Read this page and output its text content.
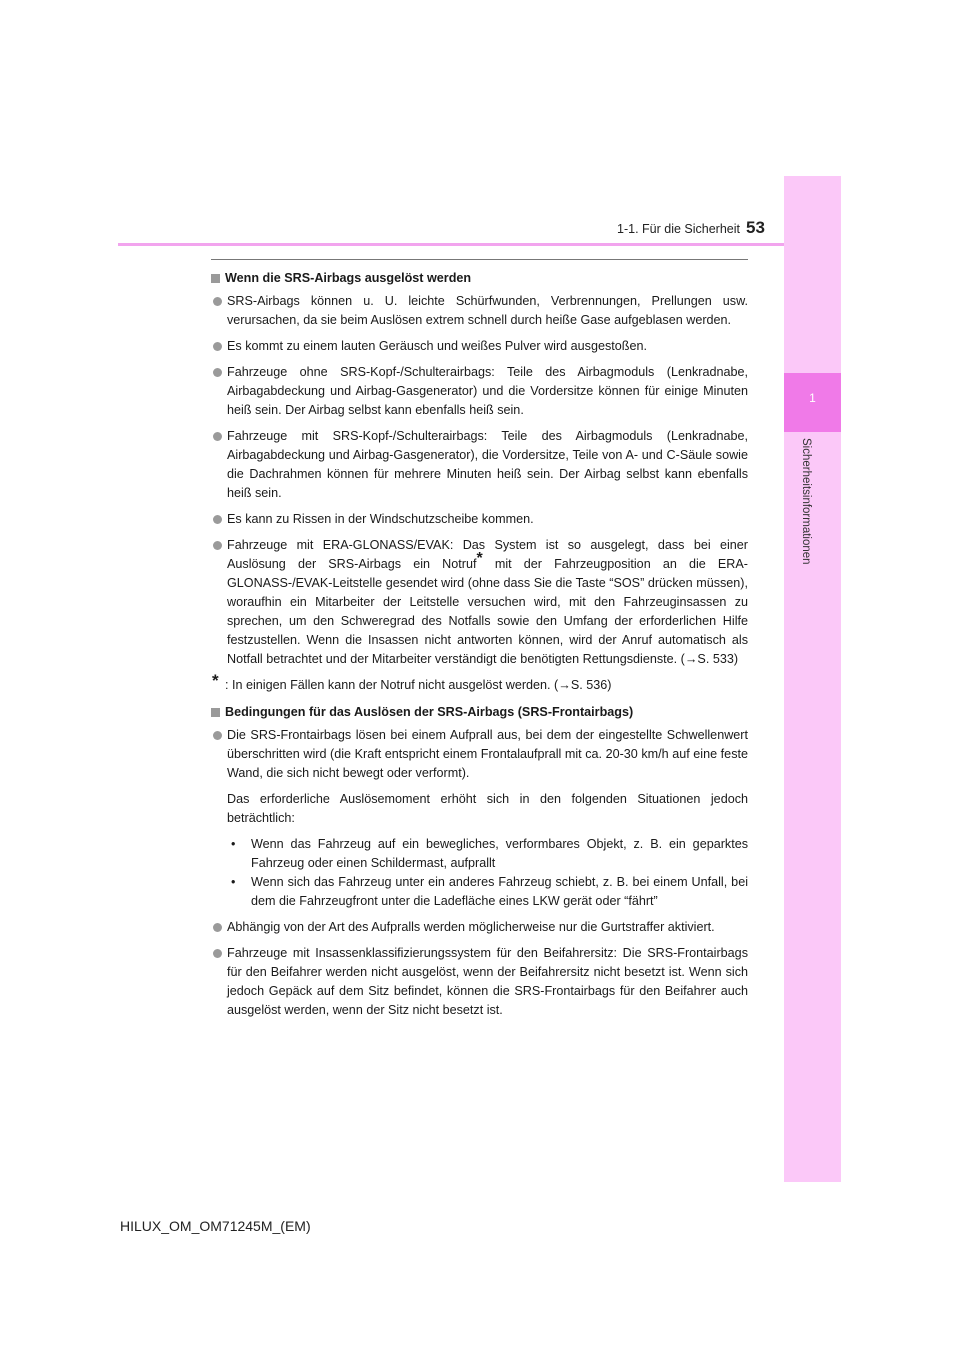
1-1. Für die Sicherheit 53
1
Sicherheitsinformationen
Wenn die SRS-Airbags ausgelöst werden
SRS-Airbags können u. U. leichte Schürfwunden, Verbrennungen, Prellungen usw. verursachen, da sie beim Auslösen extrem schnell durch heiße Gase aufgeblasen werden.
Es kommt zu einem lauten Geräusch und weißes Pulver wird ausgestoßen.
Fahrzeuge ohne SRS-Kopf-/Schulterairbags: Teile des Airbagmoduls (Lenkradnabe, Airbagabdeckung und Airbag-Gasgenerator) und die Vordersitze können für einige Minuten heiß sein. Der Airbag selbst kann ebenfalls heiß sein.
Fahrzeuge mit SRS-Kopf-/Schulterairbags: Teile des Airbagmoduls (Lenkradnabe, Airbagabdeckung und Airbag-Gasgenerator), die Vordersitze, Teile von A- und C-Säule sowie die Dachrahmen können für mehrere Minuten heiß sein. Der Airbag selbst kann ebenfalls heiß sein.
Es kann zu Rissen in der Windschutzscheibe kommen.
Fahrzeuge mit ERA-GLONASS/EVAK: Das System ist so ausgelegt, dass bei einer Auslösung der SRS-Airbags ein Notruf* mit der Fahrzeugposition an die ERA-GLONASS-/EVAK-Leitstelle gesendet wird (ohne dass Sie die Taste “SOS” drücken müssen), woraufhin ein Mitarbeiter der Leitstelle versuchen wird, mit den Fahrzeuginsassen zu sprechen, um den Schweregrad des Notfalls sowie den Umfang der erforderlichen Hilfe festzustellen. Wenn die Insassen nicht antworten können, wird der Anruf automatisch als Notfall betrachtet und der Mitarbeiter verständigt die benötigten Rettungsdienste. (→S. 533)
* : In einigen Fällen kann der Notruf nicht ausgelöst werden. (→S. 536)
Bedingungen für das Auslösen der SRS-Airbags (SRS-Frontairbags)
Die SRS-Frontairbags lösen bei einem Aufprall aus, bei dem der eingestellte Schwellenwert überschritten wird (die Kraft entspricht einem Frontalaufprall mit ca. 20-30 km/h auf eine feste Wand, die sich nicht bewegt oder verformt).
Das erforderliche Auslösemoment erhöht sich in den folgenden Situationen jedoch beträchtlich:
• Wenn das Fahrzeug auf ein bewegliches, verformbares Objekt, z. B. ein geparktes Fahrzeug oder einen Schildermast, aufprallt
• Wenn sich das Fahrzeug unter ein anderes Fahrzeug schiebt, z. B. bei einem Unfall, bei dem die Fahrzeugfront unter die Ladefläche eines LKW gerät oder “fährt”
Abhängig von der Art des Aufpralls werden möglicherweise nur die Gurtstraffer aktiviert.
Fahrzeuge mit Insassenklassifizierungssystem für den Beifahrersitz: Die SRS-Frontairbags für den Beifahrer werden nicht ausgelöst, wenn der Beifahrersitz nicht besetzt ist. Wenn sich jedoch Gepäck auf dem Sitz befindet, können die SRS-Frontairbags für den Beifahrer auch ausgelöst werden, wenn der Sitz nicht besetzt ist.
HILUX_OM_OM71245M_(EM)
